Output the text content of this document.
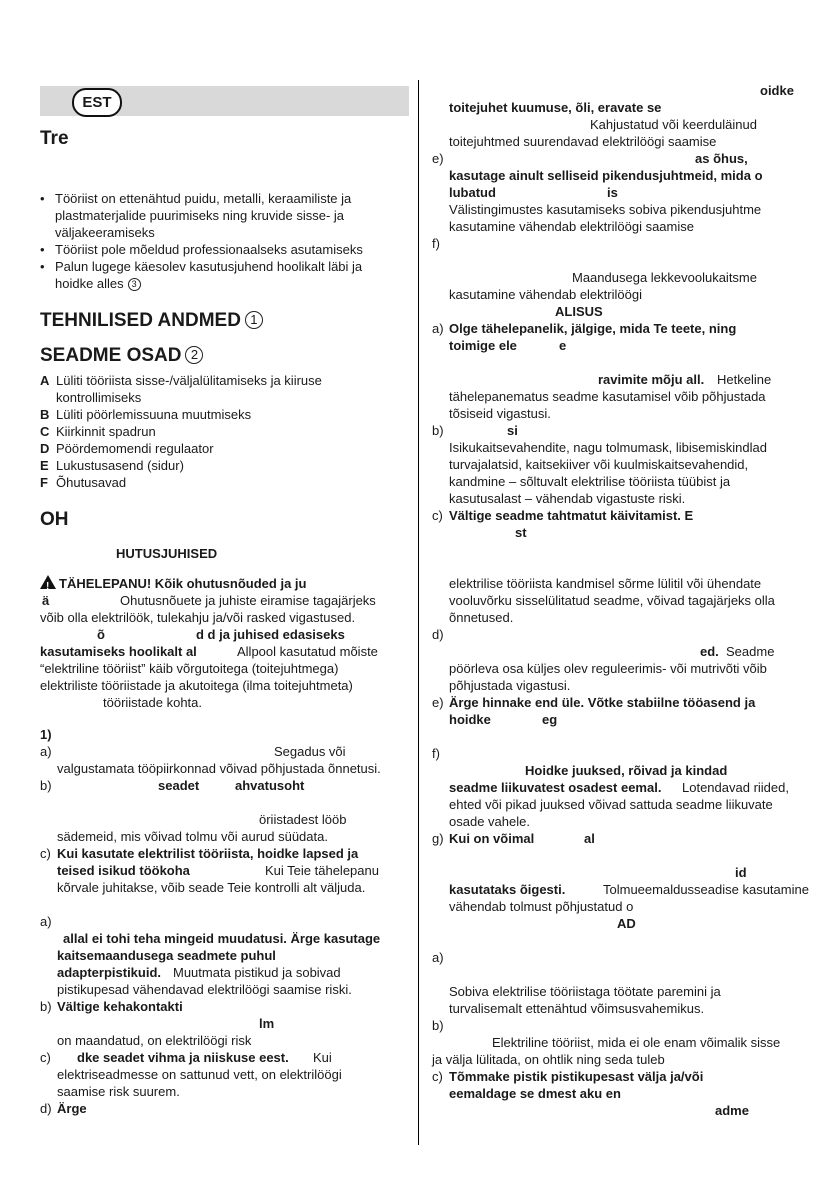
EST
Tre
• Tööriist on ettenähtud puidu, metalli, keraamiliste ja
plastmaterjalide puurimiseks ning kruvide sisse- ja
väljakeeramiseks
• Tööriist pole mõeldud professionaalseks asutamiseks
• Palun lugege käesolev kasutusjuhend hoolikalt läbi ja
hoidke alles 3
TEHNILISED ANDMED 1
SEADME OSAD 2
A Lüliti tööriista sisse-/väljalülitamiseks ja kiiruse
kontrollimiseks
B Lüliti pöörlemissuuna muutmiseks
C Kiirkinnit spadrun
D Pöördemomendi regulaator
E Lukustusasend (sidur)
F Õhutusavad
OH
HUTUSJUHISED
!TÄHELEPANU! Kõik ohutusnõuded ja ju
ä	Ohutusnõuete ja juhiste eiramise tagajärjeks
võib olla elektrilöök, tulekahju ja/või rasked vigastused.
õ	d d ja juhised edasiseks
kasutamiseks hoolikalt al	Allpool kasutatud mõiste
“elektriline tööriist” käib võrgutoitega (toitejuhtmega)
elektriliste tööriistade ja akutoitega (ilma toitejuhtmeta)
tööriistade kohta.
1)
a)	Segadus või
valgustamata tööpiirkonnad võivad põhjustada õnnetusi.
b)	seadet	ahvatusoht
öriistadest lööb
sädemeid, mis võivad tolmu või aurud süüdata.
c) Kui kasutate elektrilist tööriista, hoidke lapsed ja
teised isikud töökoha	Kui Teie tähelepanu
kõrvale juhitakse, võib seade Teie kontrolli alt väljuda.
a)
allal ei tohi teha mingeid muudatusi. Ärge kasutage
kaitsemaandusega seadmete puhul
adapterpistikuid. Muutmata pistikud ja sobivad
pistikupesad vähendavad elektrilöögi saamise riski.
b) Vältige kehakontakti
lm
on maandatud, on elektrilöögi risk
c) dke seadet vihma ja niiskuse eest. Kui
elektriseadmesse on sattunud vett, on elektrilöögi
saamise risk suurem.
d) Ärge
oidke
toitejuhet kuumuse, õli, eravate se
Kahjustatud või keerduläinud
toitejuhtmed suurendavad elektrilöögi saamise
e)	as õhus,
kasutage ainult selliseid pikendusjuhtmeid, mida o
lubatud	is
Välistingimustes kasutamiseks sobiva pikendusjuhtme
kasutamine vähendab elektrilöögi saamise
f)
Maandusega lekkevoolukaitsme
kasutamine vähendab elektrilöögi
ALISUS
a) Olge tähelepanelik, jälgige, mida Te teete, ning
toimige ele	e
ravimite mõju all. Hetkeline
tähelepanematus seadme kasutamisel võib põhjustada
tõsiseid vigastusi.
b)	si
Isikukaitsevahendite, nagu tolmumask, libisemiskindlad
turvajalatsid, kaitsekiiver või kuulmiskaitsevahendid,
kandmine – sõltuvalt elektrilise tööriista tüübist ja
kasutusalast – vähendab vigastuste riski.
c) Vältige seadme tahtmatut käivitamist. E
st
elektrilise tööriista kandmisel sõrme lülitil või ühendate
vooluvõrku sisselülitatud seadme, võivad tagajärjeks olla
õnnetused.
d)
ed. Seadme
pöörleva osa küljes olev reguleerimis- või mutrivõti võib
põhjustada vigastusi.
e) Ärge hinnake end üle. Võtke stabiilne tööasend ja
hoidke	eg
f)
Hoidke juuksed, rõivad ja kindad
seadme liikuvatest osadest eemal. Lotendavad riided,
ehted või pikad juuksed võivad sattuda seadme liikuvate
osade vahele.
g) Kui on võimal	al
id
kasutataks õigesti.	Tolmueemaldusseadise kasutamine
vähendab tolmust põhjustatud o
AD
a)
Sobiva elektrilise tööriistaga töötate paremini ja
turvalisemalt ettenähtud võimsusvahemikus.
b)
Elektriline tööriist, mida ei ole enam võimalik sisse
ja välja lülitada, on ohtlik ning seda tuleb
c) Tõmmake pistik pistikupesast välja ja/või
eemaldage se dmest aku en
adme
